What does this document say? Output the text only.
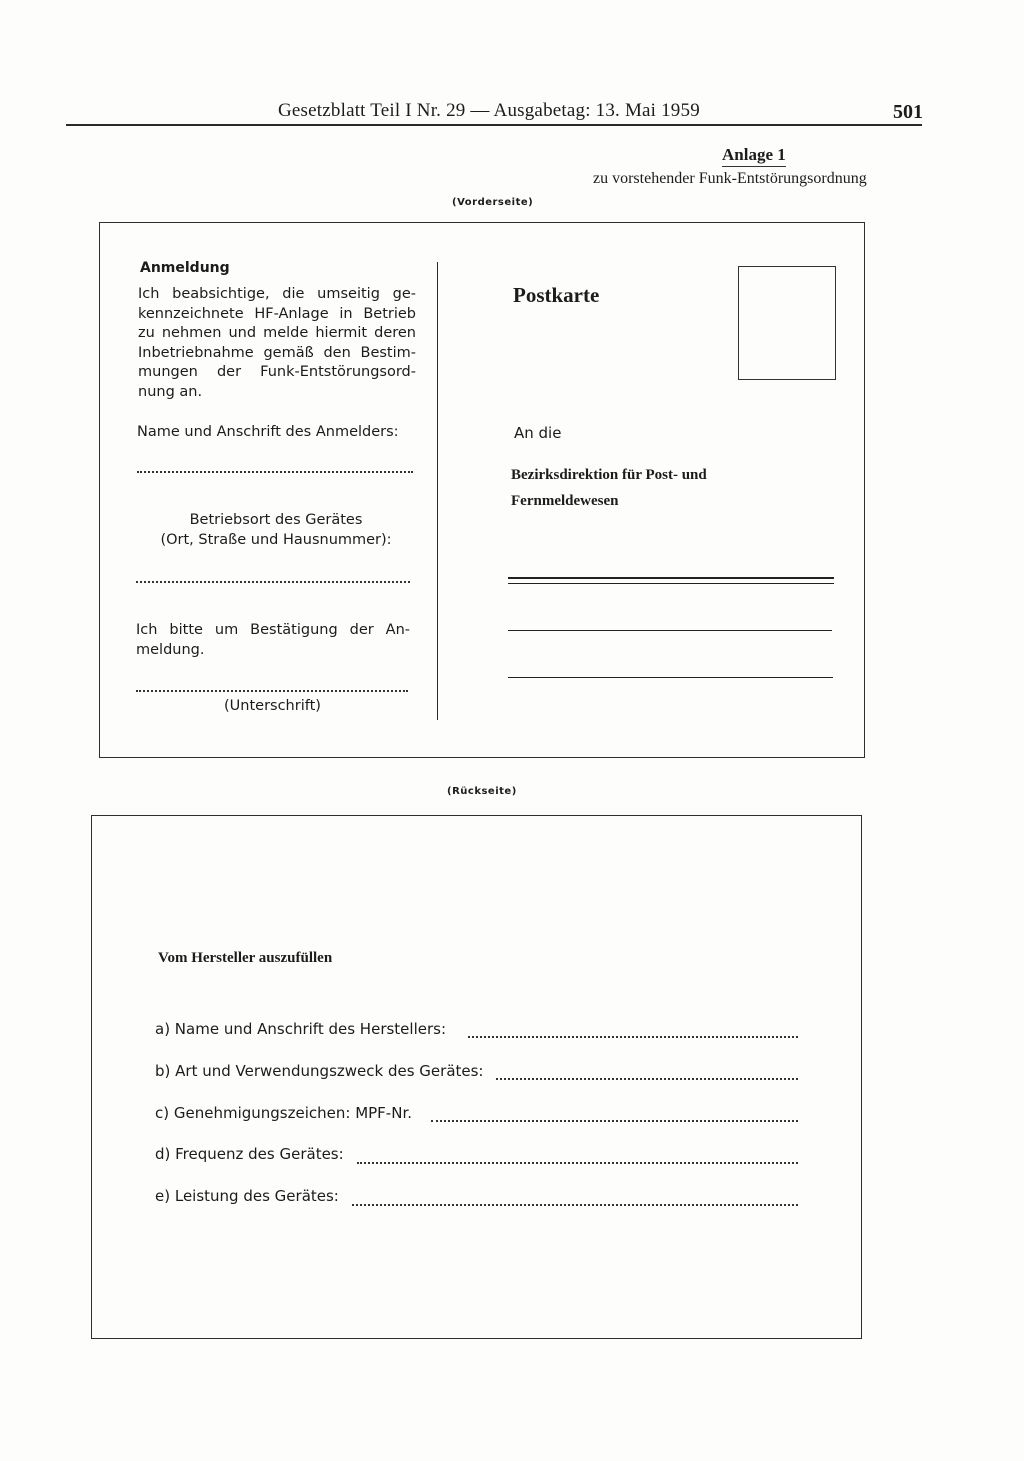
Gesetzblatt Teil I Nr. 29 — Ausgabetag: 13. Mai 1959	501
Anlage 1
zu vorstehender Funk-Entstörungsordnung
(Vorderseite)
Anmeldung
Ich beabsichtige, die umseitig ge-
kennzeichnete HF-Anlage in Betrieb
zu nehmen und melde hiermit deren
Inbetriebnahme gemäß den Bestim-
mungen der Funk-Entstörungsord-
nung an.
Name und Anschrift des Anmelders:
Betriebsort des Gerätes
(Ort, Straße und Hausnummer):
Ich bitte um Bestätigung der An-
meldung.
(Unterschrift)
Postkarte
An die
Bezirksdirektion für Post- und
Fernmeldewesen
(Rückseite)
Vom Hersteller auszufüllen
a) Name und Anschrift des Herstellers:
b) Art und Verwendungszweck des Gerätes:
c) Genehmigungszeichen: MPF-Nr.
d) Frequenz des Gerätes:
e) Leistung des Gerätes:
